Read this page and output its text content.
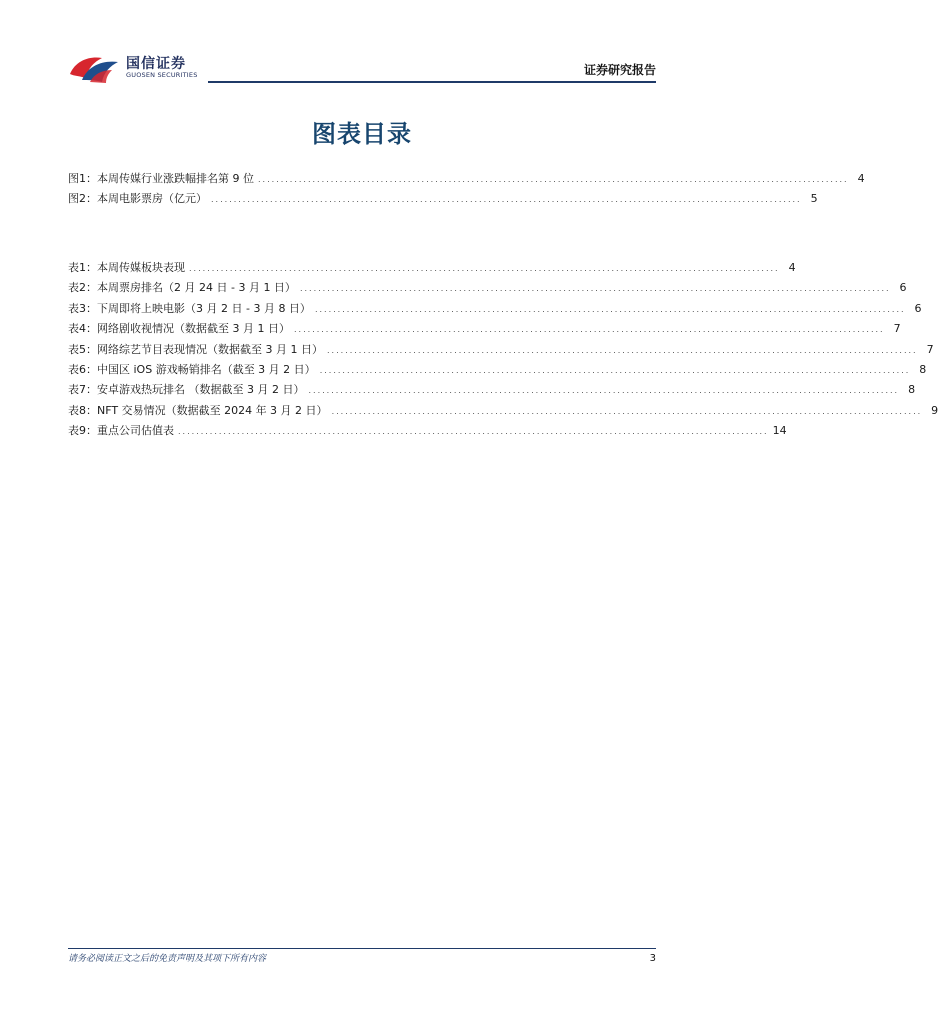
国信证券
GUOSEN SECURITIES	证券研究报告
图表目录
图1： 本周传媒行业涨跌幅排名第 9 位 .................................................................................................................................. 4
图2： 本周电影票房（亿元） .................................................................................................................................. 5
表1： 本周传媒板块表现 .................................................................................................................................. 4
表2： 本周票房排名（2 月 24 日 - 3 月 1 日） .................................................................................................................................. 6
表3： 下周即将上映电影（3 月 2 日 - 3 月 8 日） .................................................................................................................................. 6
表4： 网络剧收视情况（数据截至 3 月 1 日） .................................................................................................................................. 7
表5： 网络综艺节目表现情况（数据截至 3 月 1 日） .................................................................................................................................. 7
表6： 中国区 iOS 游戏畅销排名（截至 3 月 2 日） .................................................................................................................................. 8
表7： 安卓游戏热玩排名 （数据截至 3 月 2 日） .................................................................................................................................. 8
表8： NFT 交易情况（数据截至 2024 年 3 月 2 日） .................................................................................................................................. 9
表9： 重点公司估值表 .................................................................................................................................. 14
请务必阅读正文之后的免责声明及其项下所有内容	3
